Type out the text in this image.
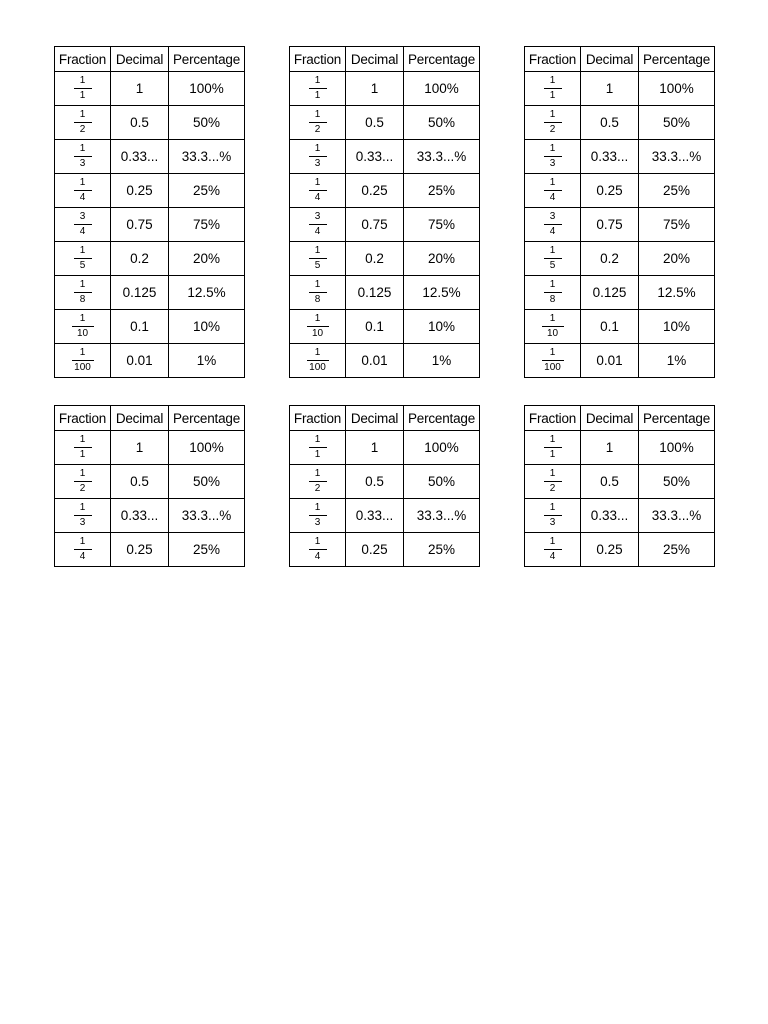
Fraction	Decimal	Percentage

$\frac{1}{1}$	1	100%

$\frac{1}{2}$	0.5	50%

$\frac{1}{3}$	0.33...	33.3...%

$\frac{1}{4}$	0.25	25%

$\frac{3}{4}$	0.75	75%

$\frac{1}{5}$	0.2	20%

$\frac{1}{8}$	0.125	12.5%

$\frac{1}{10}$	0.1	10%

$\frac{1}{100}$	0.01	1%
Fraction	Decimal	Percentage

$\frac{1}{1}$	1	100%

$\frac{1}{2}$	0.5	50%

$\frac{1}{3}$	0.33...	33.3...%

$\frac{1}{4}$	0.25	25%

$\frac{3}{4}$	0.75	75%

$\frac{1}{5}$	0.2	20%

$\frac{1}{8}$	0.125	12.5%

$\frac{1}{10}$	0.1	10%

$\frac{1}{100}$	0.01	1%
Fraction	Decimal	Percentage

$\frac{1}{1}$	1	100%

$\frac{1}{2}$	0.5	50%

$\frac{1}{3}$	0.33...	33.3...%

$\frac{1}{4}$	0.25	25%

$\frac{3}{4}$	0.75	75%

$\frac{1}{5}$	0.2	20%

$\frac{1}{8}$	0.125	12.5%

$\frac{1}{10}$	0.1	10%

$\frac{1}{100}$	0.01	1%
Fraction	Decimal	Percentage

$\frac{1}{1}$	1	100%

$\frac{1}{2}$	0.5	50%

$\frac{1}{3}$	0.33...	33.3...%

$\frac{1}{4}$	0.25	25%
Fraction	Decimal	Percentage

$\frac{1}{1}$	1	100%

$\frac{1}{2}$	0.5	50%

$\frac{1}{3}$	0.33...	33.3...%

$\frac{1}{4}$	0.25	25%
Fraction	Decimal	Percentage

$\frac{1}{1}$	1	100%

$\frac{1}{2}$	0.5	50%

$\frac{1}{3}$	0.33...	33.3...%

$\frac{1}{4}$	0.25	25%
